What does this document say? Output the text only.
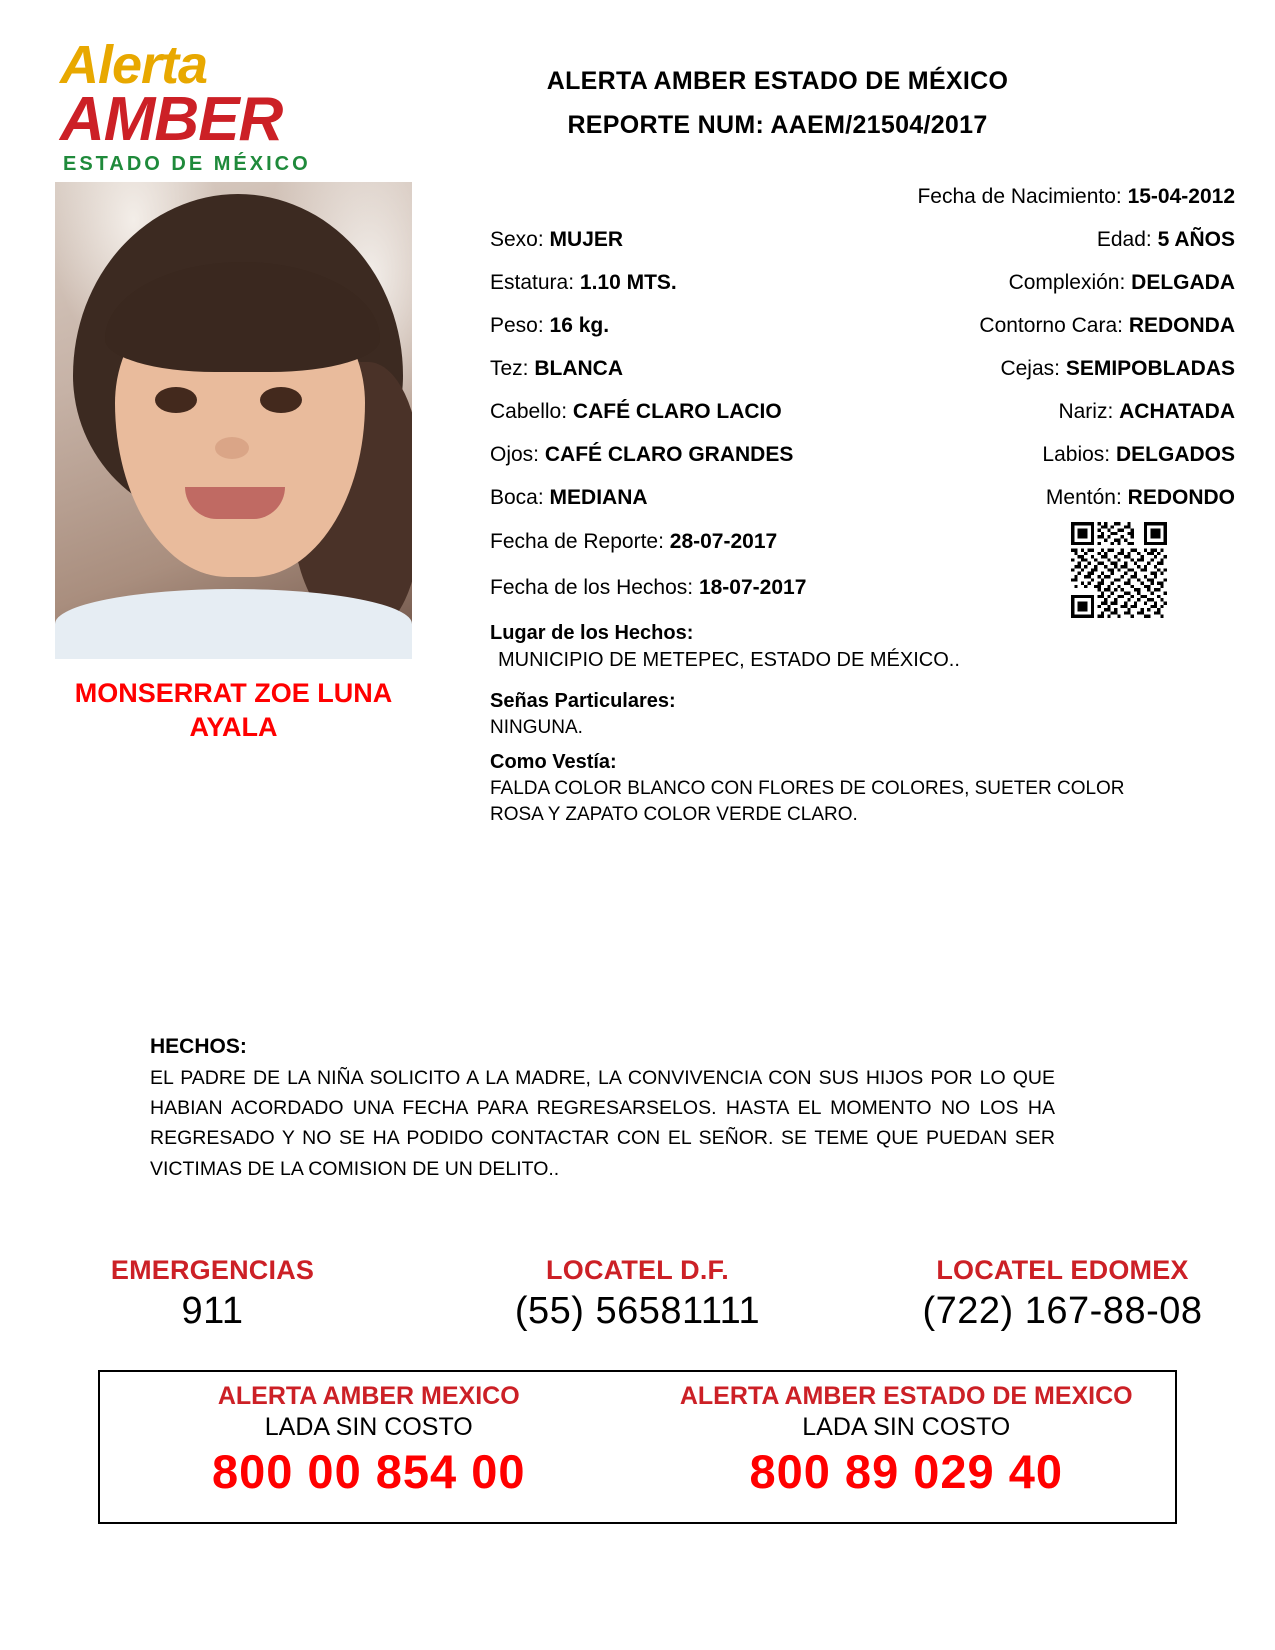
Alerta
AMBER
ESTADO DE MÉXICO
ALERTA AMBER ESTADO DE MÉXICO
REPORTE NUM: AAEM/21504/2017
MONSERRAT ZOE LUNA AYALA
Fecha de Nacimiento: 15-04-2012
Sexo: MUJER	Edad: 5 AÑOS
Estatura: 1.10 MTS.	Complexión: DELGADA
Peso: 16 kg.	Contorno Cara: REDONDA
Tez: BLANCA	Cejas: SEMIPOBLADAS
Cabello: CAFÉ CLARO LACIO	Nariz: ACHATADA
Ojos: CAFÉ CLARO GRANDES	Labios: DELGADOS
Boca: MEDIANA	Mentón: REDONDO
Fecha de Reporte: 28-07-2017
Fecha de los Hechos: 18-07-2017
Lugar de los Hechos:
MUNICIPIO DE METEPEC, ESTADO DE MÉXICO..
Señas Particulares:
NINGUNA.
Como Vestía:
FALDA COLOR BLANCO CON FLORES DE COLORES, SUETER COLOR ROSA Y ZAPATO COLOR VERDE CLARO.
HECHOS:
EL PADRE DE LA NIÑA SOLICITO A LA MADRE, LA CONVIVENCIA CON SUS HIJOS POR LO QUE HABIAN ACORDADO UNA FECHA PARA REGRESARSELOS. HASTA EL MOMENTO NO LOS HA REGRESADO Y NO SE HA PODIDO CONTACTAR CON EL SEÑOR. SE TEME QUE PUEDAN SER VICTIMAS DE LA COMISION DE UN DELITO..
EMERGENCIAS
911
LOCATEL D.F.
(55) 56581111
LOCATEL EDOMEX
(722) 167-88-08
ALERTA AMBER MEXICO
LADA SIN COSTO
800 00 854 00
ALERTA AMBER ESTADO DE MEXICO
LADA SIN COSTO
800 89 029 40
